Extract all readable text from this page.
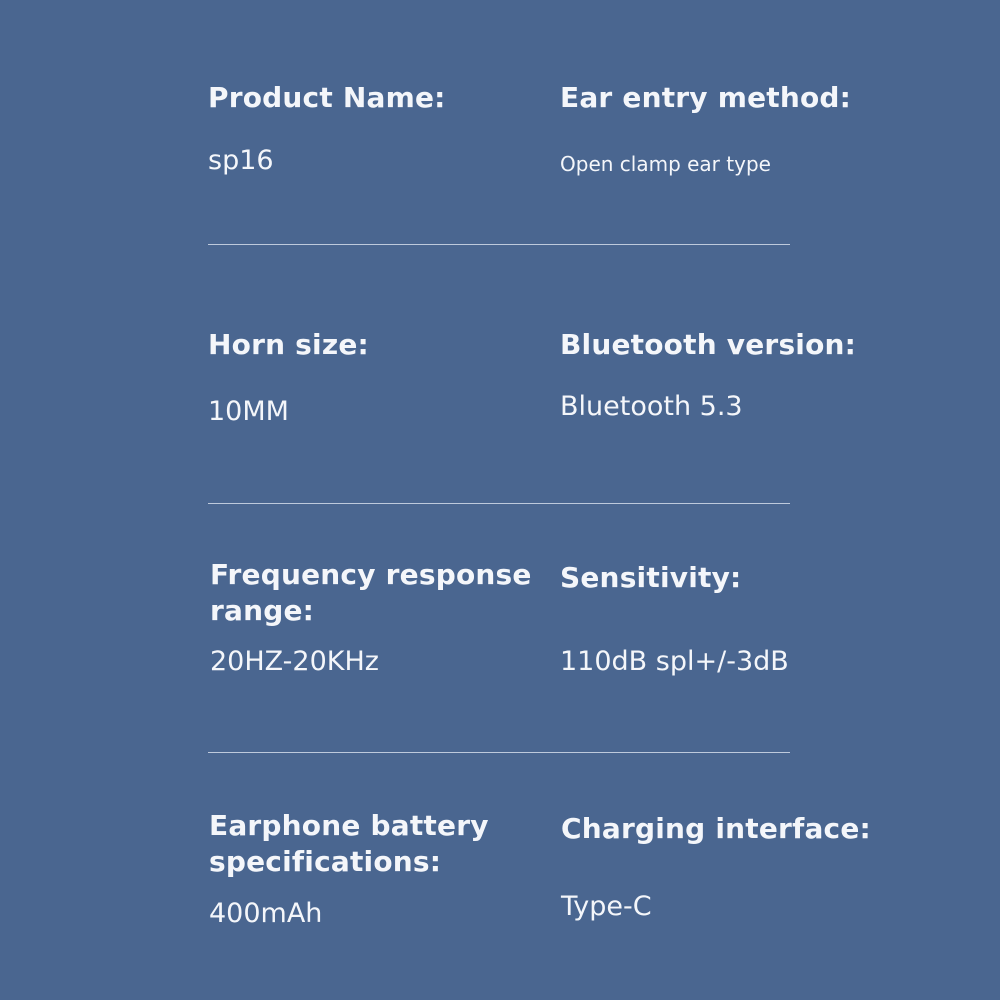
Product Name:
sp16
Ear entry method:
Open clamp ear type
Horn size:
10MM
Bluetooth version:
Bluetooth 5.3
Frequency response
range:
20HZ-20KHz
Sensitivity:
110dB spl+/-3dB
Earphone battery
specifications:
400mAh
Charging interface:
Type-C
